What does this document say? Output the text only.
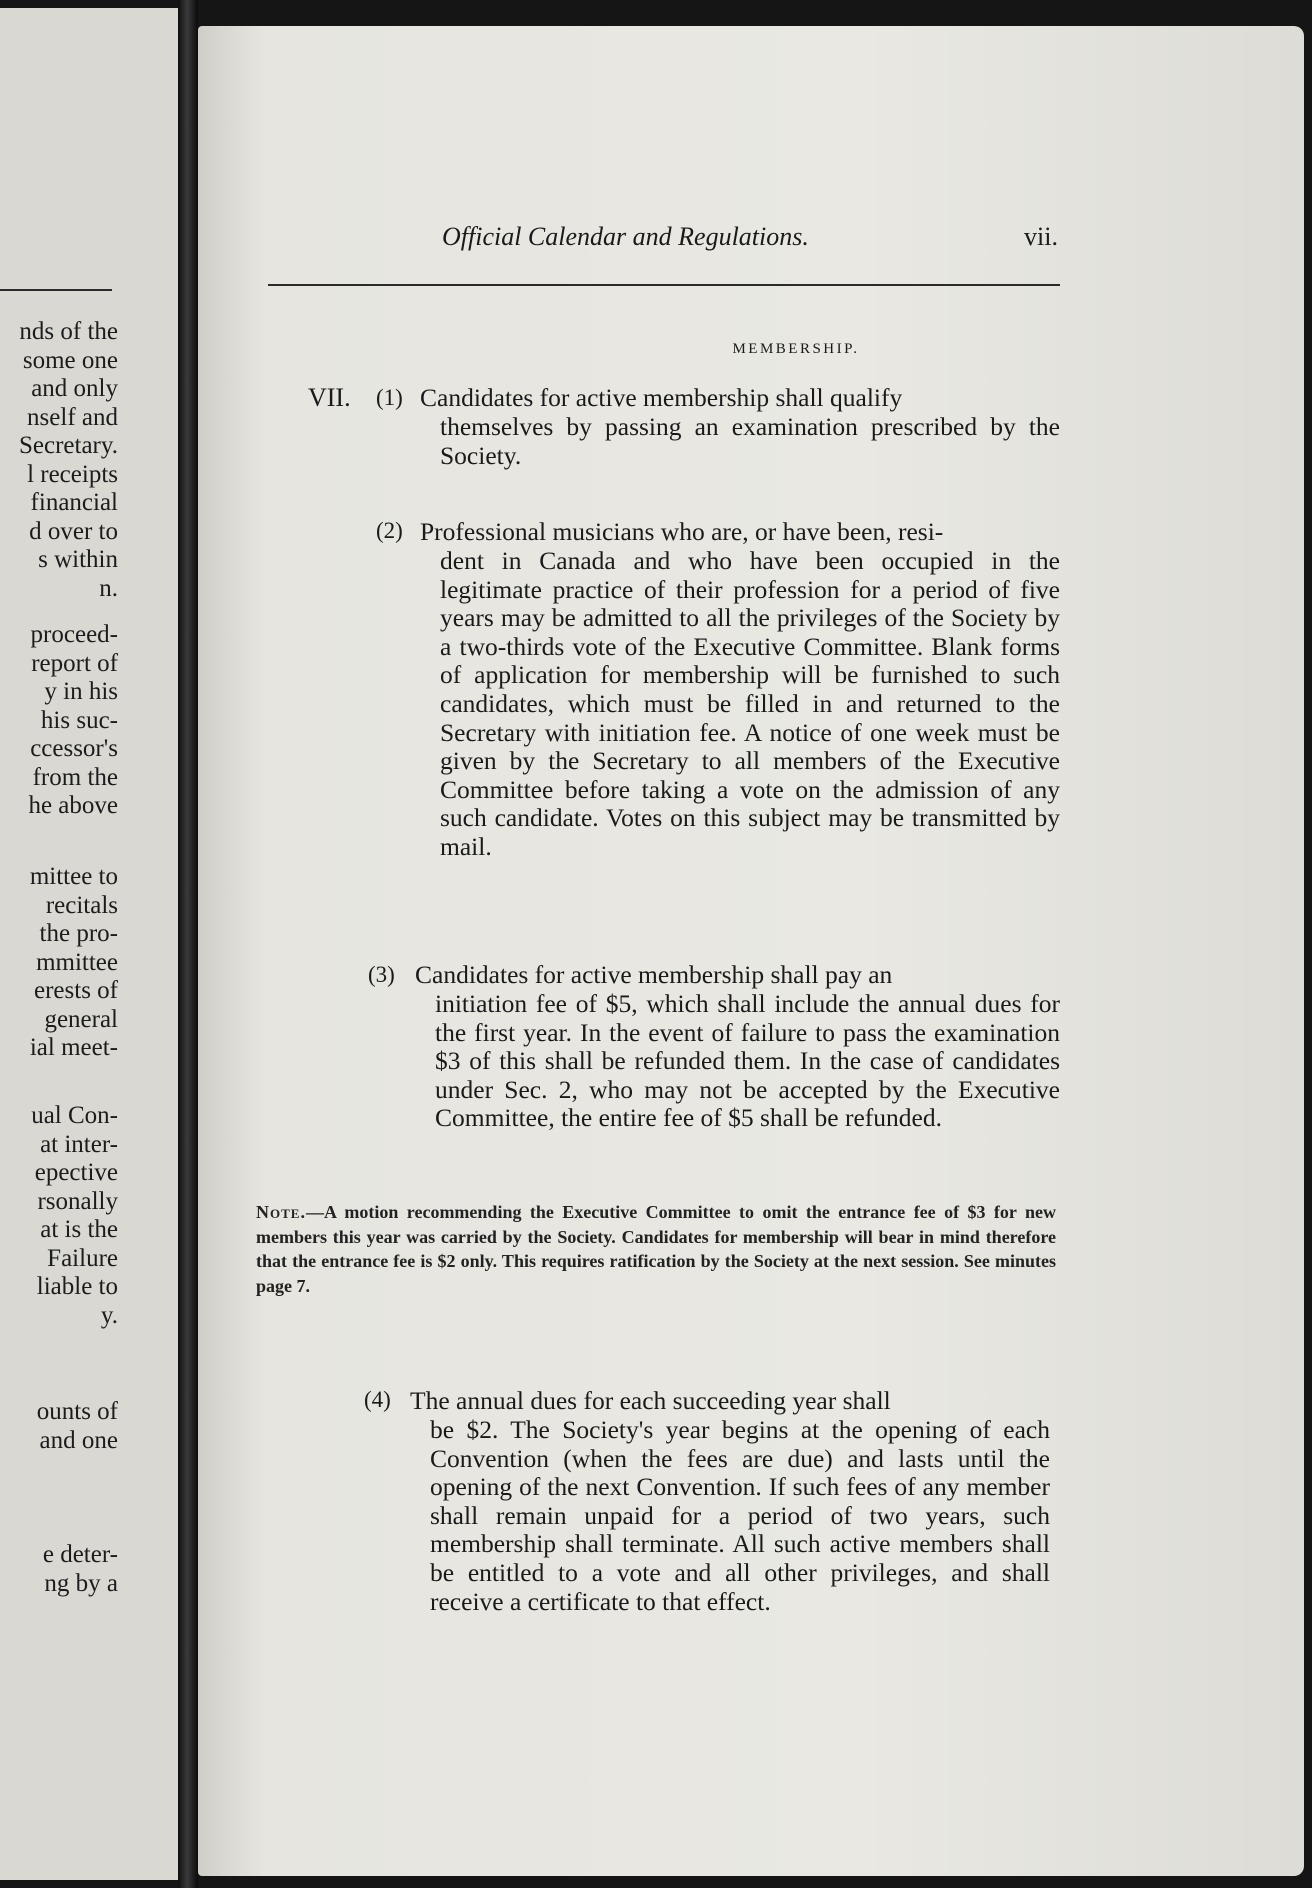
nds of the
some one
and only
nself and
Secretary.
l receipts
financial
d over to
s within
n.
proceed-
report of
y in his
his suc-
ccessor's
from the
he above
mittee to
recitals
the pro-
mmittee
erests of
general
ial meet-
ual Con-
at inter-
epective
rsonally
at is the
Failure
liable to
y.
ounts of
and one
e deter-
ng by a
Official Calendar and Regulations.	vii.
MEMBERSHIP.
VII. (1) Candidates for active membership shall qualify
themselves by passing an examination prescribed by the Society.
(2) Professional musicians who are, or have been, resi-
dent in Canada and who have been occupied in the legitimate practice of their profession for a period of five years may be admitted to all the privileges of the Society by a two-thirds vote of the Executive Committee. Blank forms of application for membership will be furnished to such candidates, which must be filled in and returned to the Secretary with initiation fee. A notice of one week must be given by the Secretary to all members of the Executive Committee before taking a vote on the admission of any such candidate. Votes on this subject may be transmitted by mail.
(3) Candidates for active membership shall pay an
initiation fee of $5, which shall include the annual dues for the first year. In the event of failure to pass the examination $3 of this shall be refunded them. In the case of candidates under Sec. 2, who may not be accepted by the Executive Committee, the entire fee of $5 shall be refunded.
Note.—A motion recommending the Executive Committee to omit the entrance fee of $3 for new members this year was carried by the Society. Candidates for membership will bear in mind therefore that the entrance fee is $2 only. This requires ratification by the Society at the next session. See minutes page 7.
(4) The annual dues for each succeeding year shall
be $2. The Society's year begins at the opening of each Convention (when the fees are due) and lasts until the opening of the next Convention. If such fees of any member shall remain unpaid for a period of two years, such membership shall terminate. All such active members shall be entitled to a vote and all other privileges, and shall receive a certificate to that effect.
